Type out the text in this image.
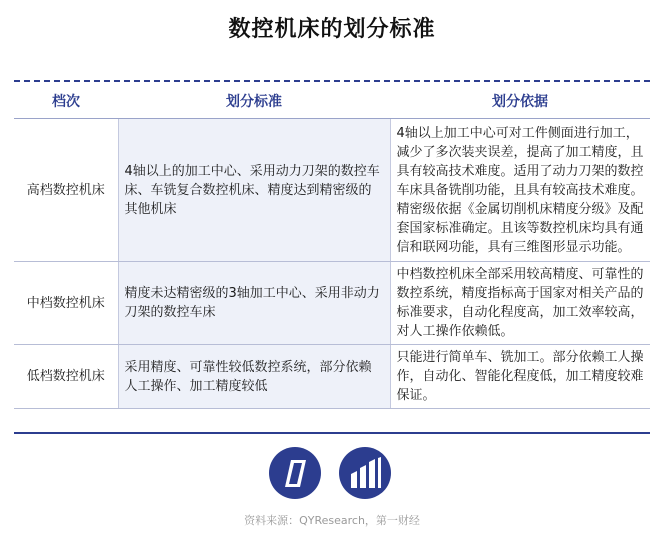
数控机床的划分标准
档次	划分标准	划分依据
高档数控机床	4轴以上的加工中心、采用动力刀架的数控车床、车铣复合数控机床、精度达到精密级的其他机床	4轴以上加工中心可对工件侧面进行加工，减少了多次装夹误差，提高了加工精度，且具有较高技术难度。适用了动力刀架的数控车床具备铣削功能，且具有较高技术难度。精密级依据《金属切削机床精度分级》及配套国家标准确定。且该等数控机床均具有通信和联网功能，具有三维图形显示功能。
中档数控机床	精度未达精密级的3轴加工中心、采用非动力刀架的数控车床	中档数控机床全部采用较高精度、可靠性的数控系统，精度指标高于国家对相关产品的标准要求，自动化程度高，加工效率较高，对人工操作依赖低。
低档数控机床	采用精度、可靠性较低数控系统，部分依赖人工操作、加工精度较低	只能进行简单车、铣加工。部分依赖工人操作，自动化、智能化程度低，加工精度较难保证。
资料来源：QYResearch，第一财经
